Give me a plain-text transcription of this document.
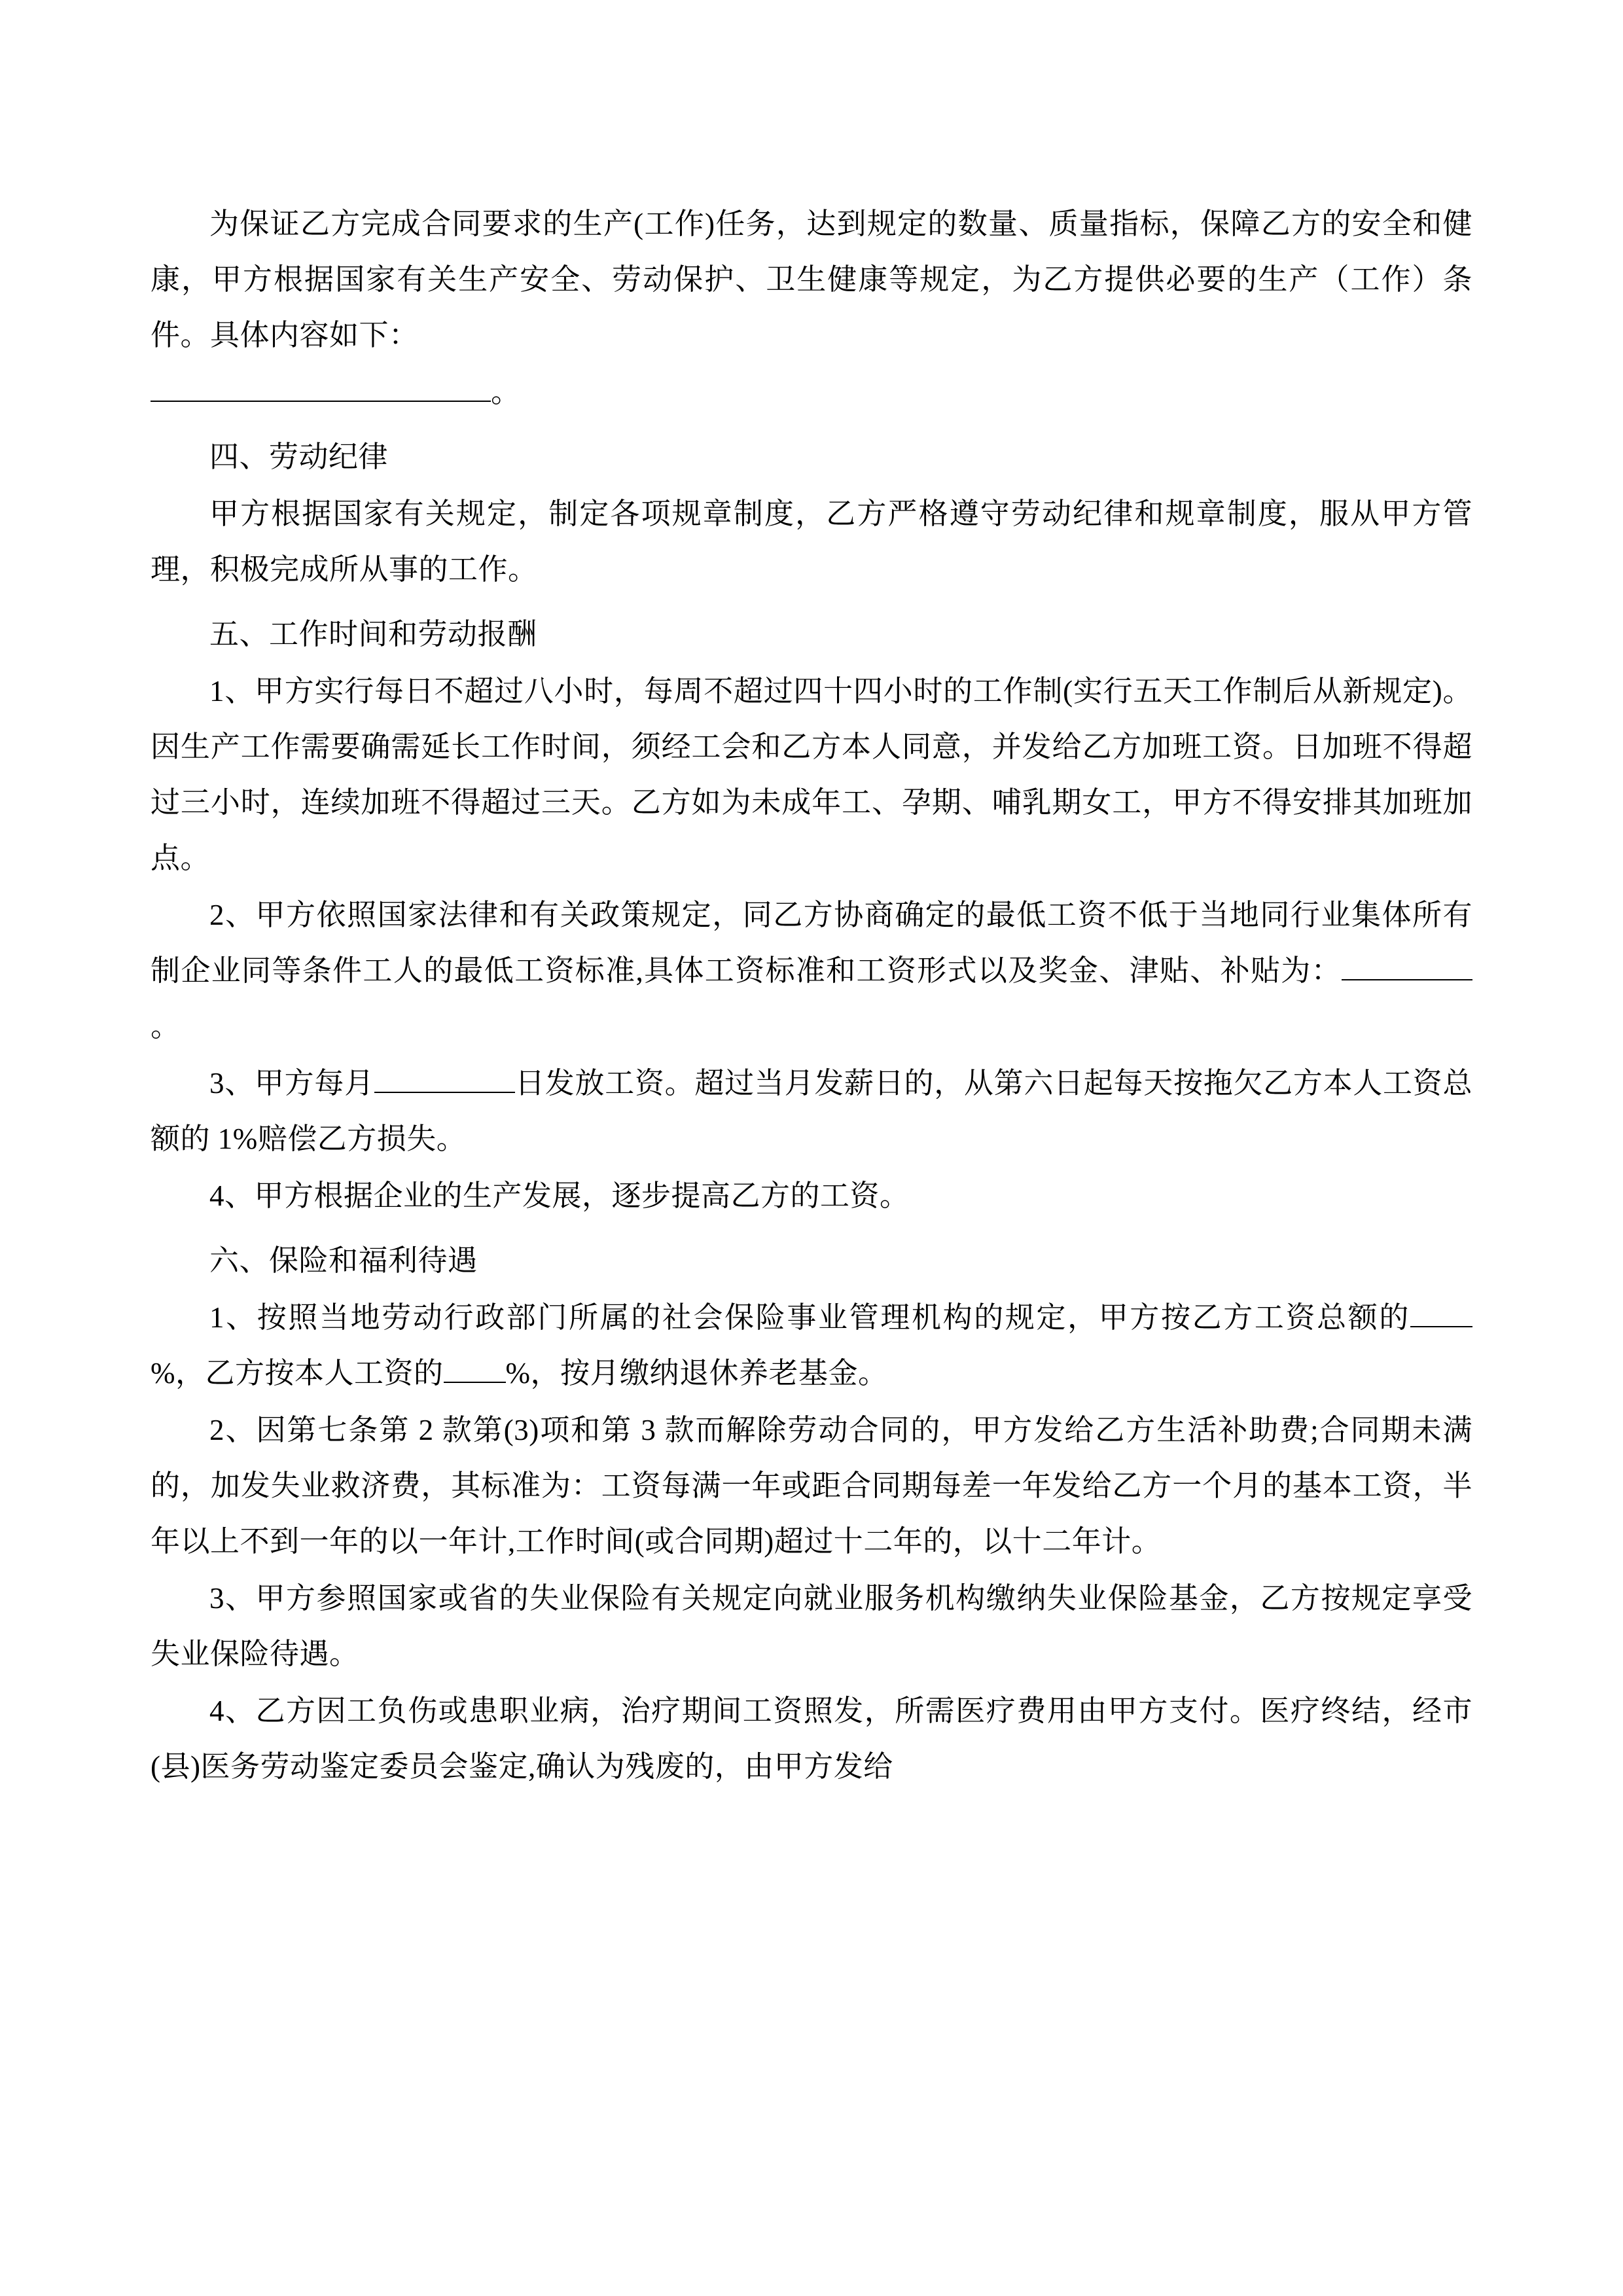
为保证乙方完成合同要求的生产(工作)任务，达到规定的数量、质量指标，保障乙方的安全和健康，甲方根据国家有关生产安全、劳动保护、卫生健康等规定，为乙方提供必要的生产（工作）条件。具体内容如下：

。

四、劳动纪律

甲方根据国家有关规定，制定各项规章制度，乙方严格遵守劳动纪律和规章制度，服从甲方管理，积极完成所从事的工作。

五、工作时间和劳动报酬

1、甲方实行每日不超过八小时，每周不超过四十四小时的工作制(实行五天工作制后从新规定)。因生产工作需要确需延长工作时间，须经工会和乙方本人同意，并发给乙方加班工资。日加班不得超过三小时，连续加班不得超过三天。乙方如为未成年工、孕期、哺乳期女工，甲方不得安排其加班加点。

2、甲方依照国家法律和有关政策规定，同乙方协商确定的最低工资不低于当地同行业集体所有制企业同等条件工人的最低工资标准,具体工资标准和工资形式以及奖金、津贴、补贴为：。

3、甲方每月	日发放工资。超过当月发薪日的，从第六日起每天按拖欠乙方本人工资总额的 1%赔偿乙方损失。

4、甲方根据企业的生产发展，逐步提高乙方的工资。

六、保险和福利待遇

1、按照当地劳动行政部门所属的社会保险事业管理机构的规定，甲方按乙方工资总额的%，乙方按本人工资的 %，按月缴纳退休养老基金。

2、因第七条第 2 款第(3)项和第 3 款而解除劳动合同的，甲方发给乙方生活补助费;合同期未满的，加发失业救济费，其标准为：工资每满一年或距合同期每差一年发给乙方一个月的基本工资，半年以上不到一年的以一年计,工作时间(或合同期)超过十二年的，以十二年计。

3、甲方参照国家或省的失业保险有关规定向就业服务机构缴纳失业保险基金，乙方按规定享受失业保险待遇。

4、乙方因工负伤或患职业病，治疗期间工资照发，所需医疗费用由甲方支付。医疗终结，经市(县)医务劳动鉴定委员会鉴定,确认为残废的，由甲方发给
